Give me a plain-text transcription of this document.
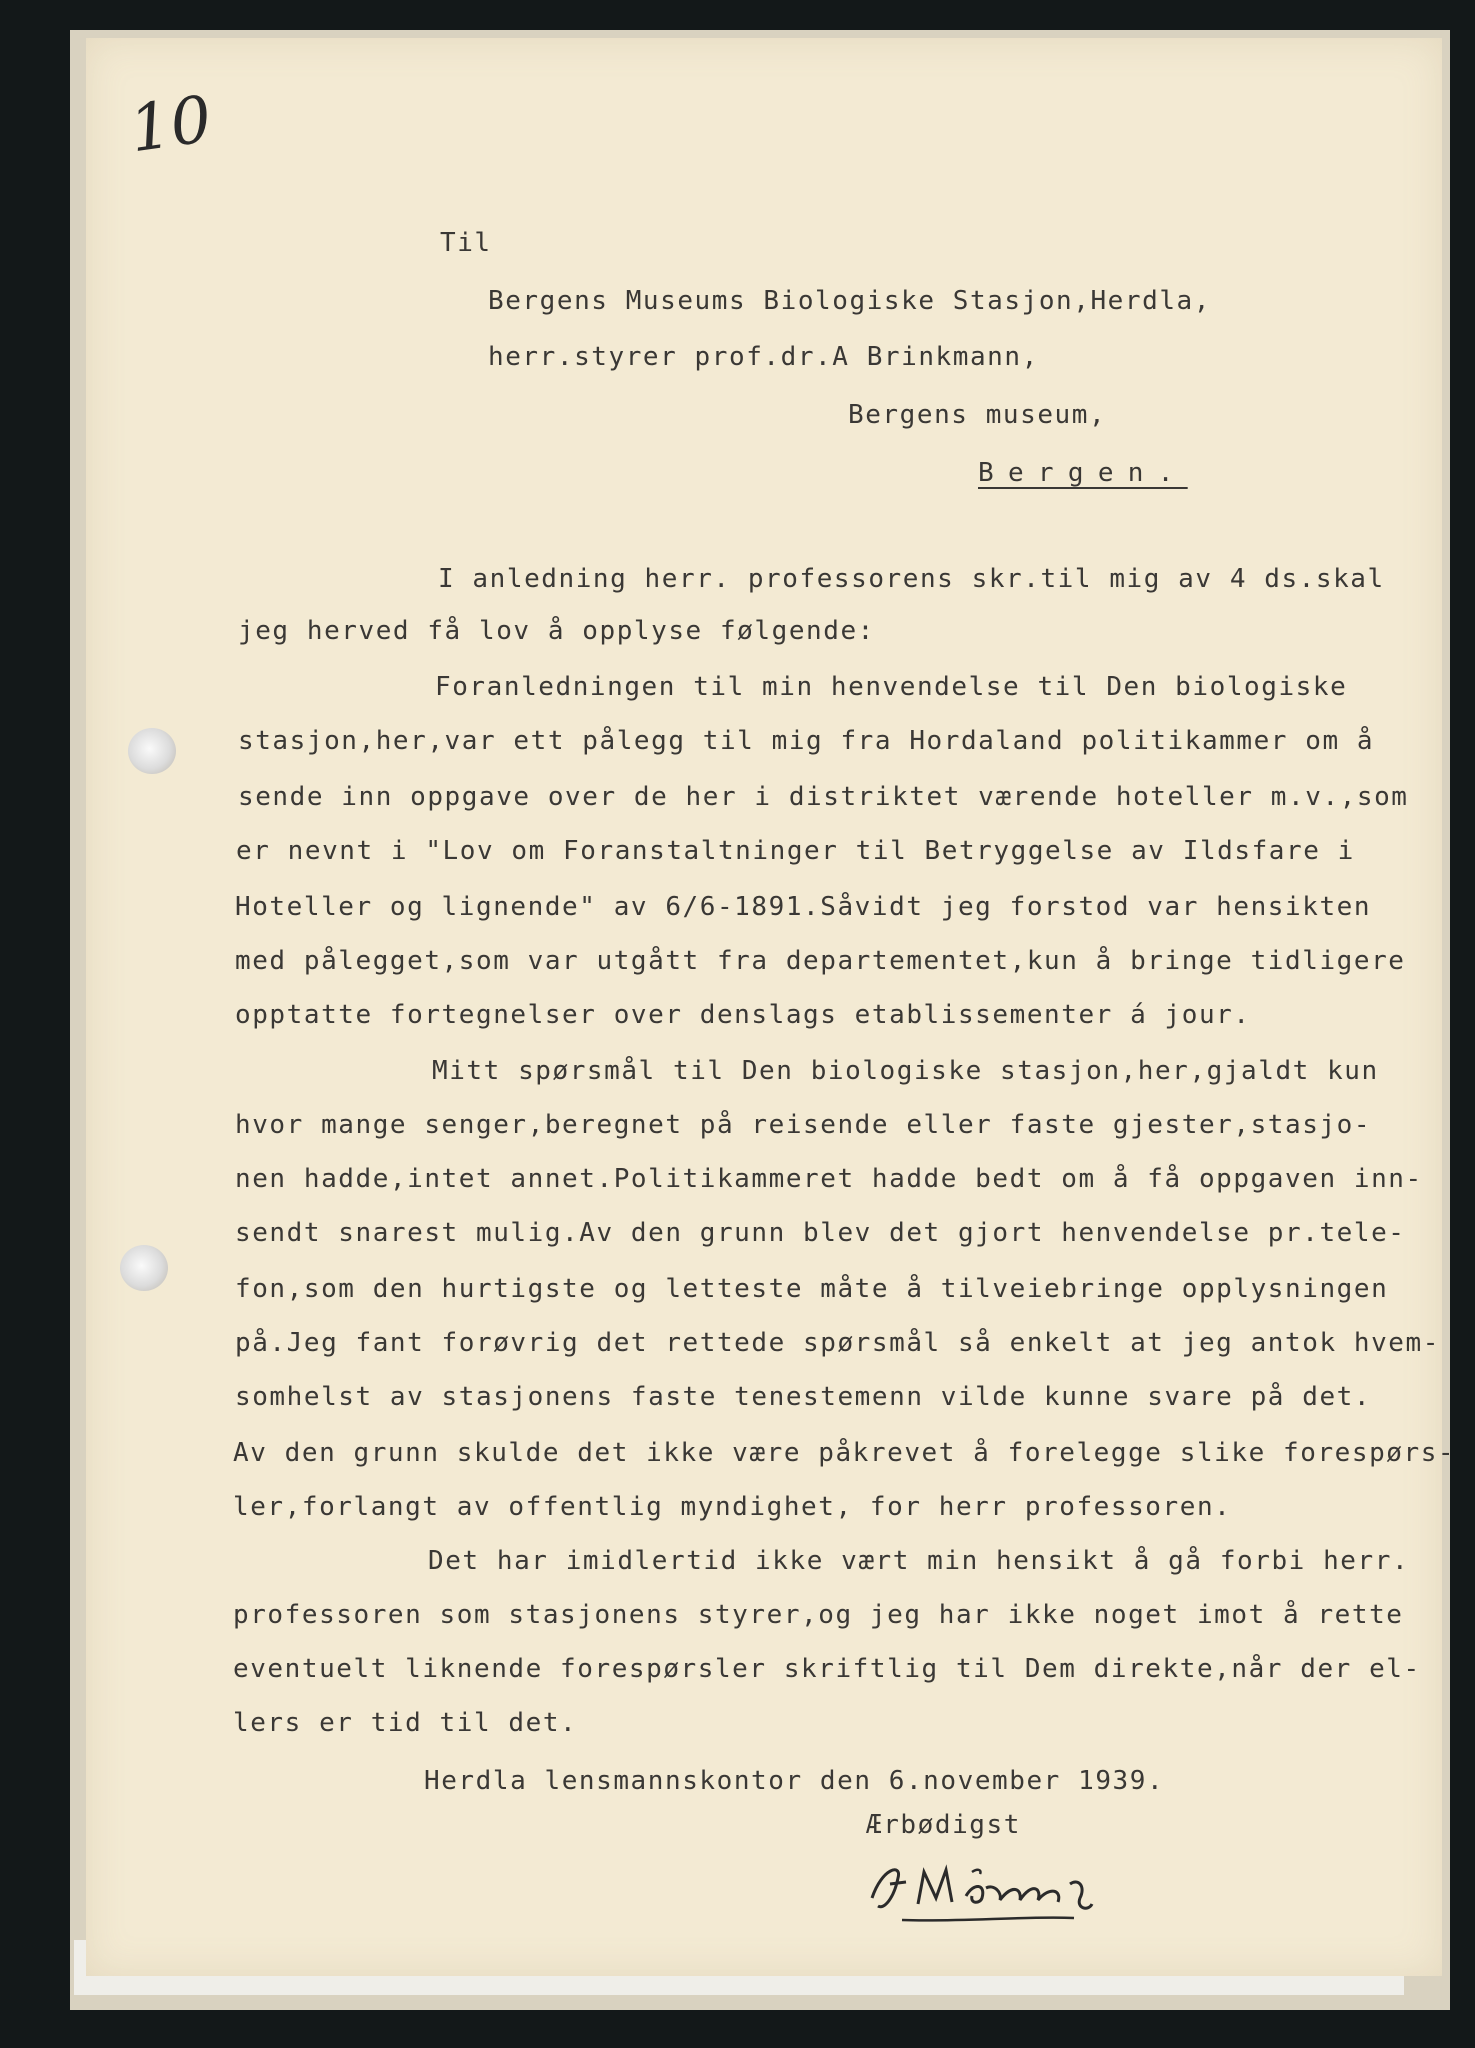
10

Til

Bergens Museums Biologiske Stasjon,Herdla,

herr.styrer prof.dr.A Brinkmann,

Bergens museum,

Bergen.

I anledning herr. professorens skr.til mig av 4 ds.skal

jeg herved få lov å opplyse følgende:

Foranledningen til min henvendelse til Den biologiske

stasjon,her,var ett pålegg til mig fra Hordaland politikammer om å

sende inn oppgave over de her i distriktet værende hoteller m.v.,som

er nevnt i "Lov om Foranstaltninger til Betryggelse av Ildsfare i

Hoteller og lignende" av 6/6-1891.Såvidt jeg forstod var hensikten

med pålegget,som var utgått fra departementet,kun å bringe tidligere

opptatte fortegnelser over denslags etablissementer á jour.

Mitt spørsmål til Den biologiske stasjon,her,gjaldt kun

hvor mange senger,beregnet på reisende eller faste gjester,stasjo-

nen hadde,intet annet.Politikammeret hadde bedt om å få oppgaven inn-

sendt snarest mulig.Av den grunn blev det gjort henvendelse pr.tele-

fon,som den hurtigste og letteste måte å tilveiebringe opplysningen

på.Jeg fant forøvrig det rettede spørsmål så enkelt at jeg antok hvem-

somhelst av stasjonens faste tenestemenn vilde kunne svare på det.

Av den grunn skulde det ikke være påkrevet å forelegge slike forespørs-

ler,forlangt av offentlig myndighet, for herr professoren.

Det har imidlertid ikke vært min hensikt å gå forbi herr.

professoren som stasjonens styrer,og jeg har ikke noget imot å rette

eventuelt liknende forespørsler skriftlig til Dem direkte,når der el-

lers er tid til det.

Herdla lensmannskontor den 6.november 1939.

Ærbødigst
